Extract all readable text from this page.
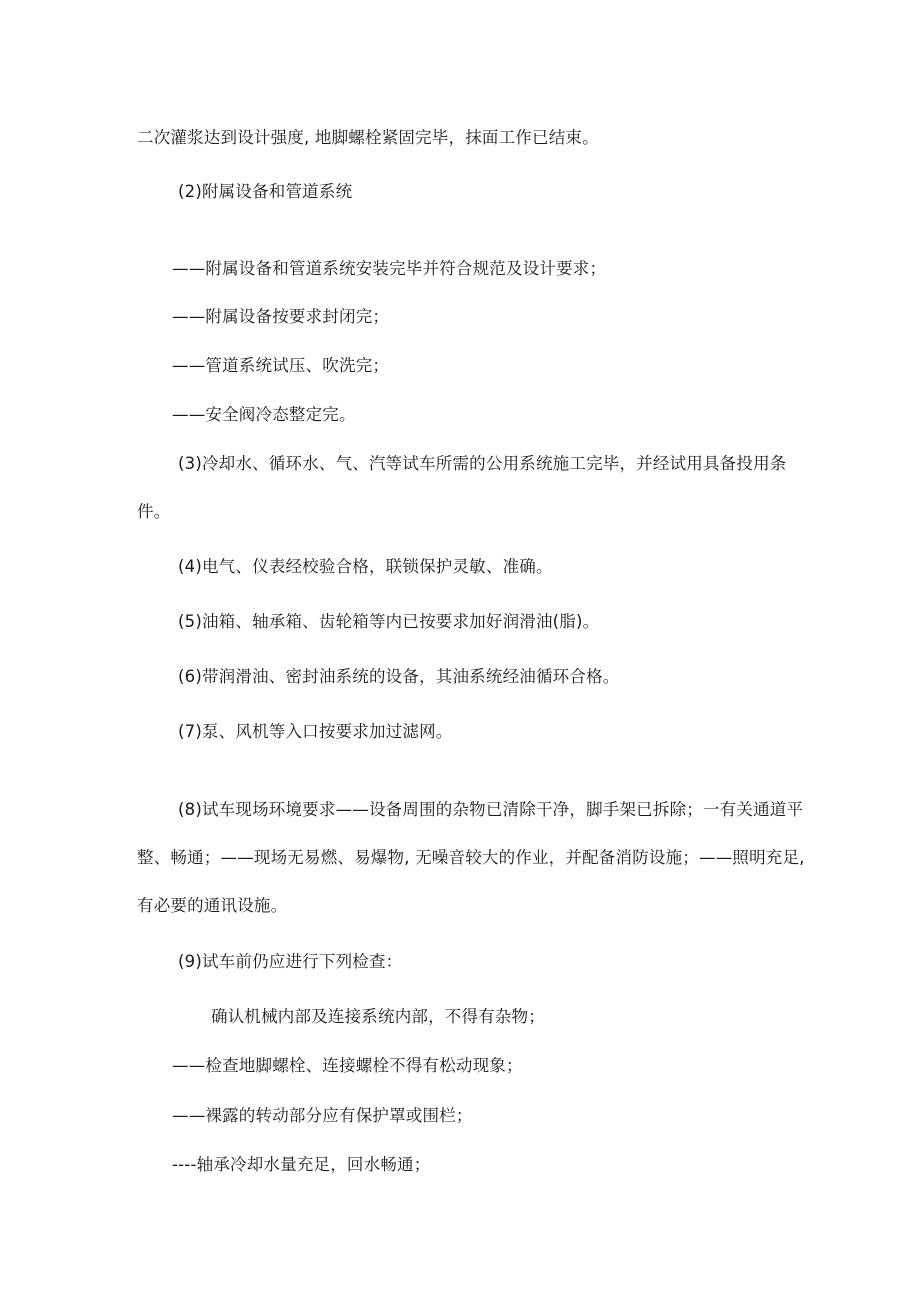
二次灌浆达到设计强度, 地脚螺栓紧固完毕，抹面工作已结束。

(2)附属设备和管道系统

——附属设备和管道系统安装完毕并符合规范及设计要求；

——附属设备按要求封闭完；

——管道系统试压、吹洗完；

——安全阀冷态整定完。

(3)冷却水、循环水、气、汽等试车所需的公用系统施工完毕，并经试用具备投用条

件。

(4)电气、仪表经校验合格，联锁保护灵敏、准确。

(5)油箱、轴承箱、齿轮箱等内已按要求加好润滑油(脂)。

(6)带润滑油、密封油系统的设备，其油系统经油循环合格。

(7)泵、风机等入口按要求加过滤网。

(8)试车现场环境要求——设备周围的杂物已清除干净，脚手架已拆除；一有关通道平

整、畅通；——现场无易燃、易爆物, 无噪音较大的作业，并配备消防设施；——照明充足,

有必要的通讯设施。

(9)试车前仍应进行下列检查：

确认机械内部及连接系统内部，不得有杂物；

——检查地脚螺栓、连接螺栓不得有松动现象；

——裸露的转动部分应有保护罩或围栏；

----轴承冷却水量充足，回水畅通；
